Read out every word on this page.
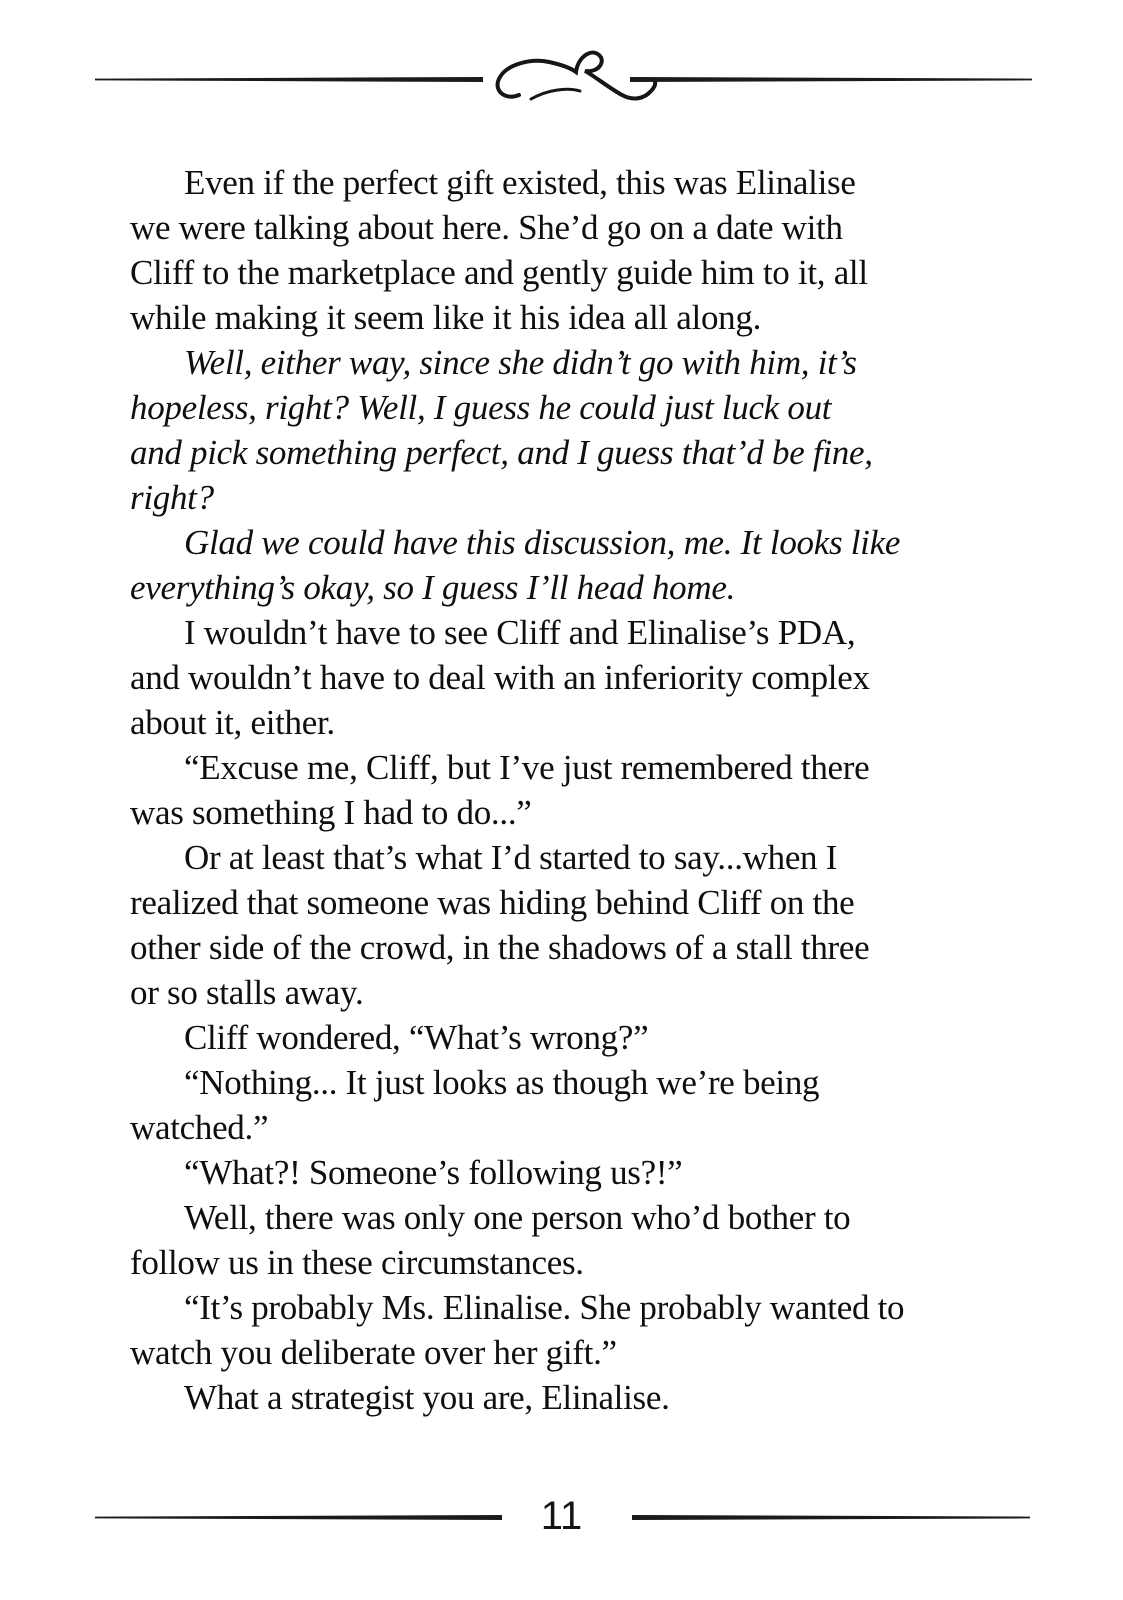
Even if the perfect gift existed, this was Elinalise
we were talking about here. She’d go on a date with
Cliff to the marketplace and gently guide him to it, all
while making it seem like it his idea all along.

Well, either way, since she didn’t go with him, it’s
hopeless, right? Well, I guess he could just luck out
and pick something perfect, and I guess that’d be fine,
right?

Glad we could have this discussion, me. It looks like
everything’s okay, so I guess I’ll head home.

I wouldn’t have to see Cliff and Elinalise’s PDA,
and wouldn’t have to deal with an inferiority complex
about it, either.

“Excuse me, Cliff, but I’ve just remembered there
was something I had to do...”

Or at least that’s what I’d started to say...when I
realized that someone was hiding behind Cliff on the
other side of the crowd, in the shadows of a stall three
or so stalls away.

Cliff wondered, “What’s wrong?”

“Nothing... It just looks as though we’re being
watched.”

“What?! Someone’s following us?!”

Well, there was only one person who’d bother to
follow us in these circumstances.

“It’s probably Ms. Elinalise. She probably wanted to
watch you deliberate over her gift.”

What a strategist you are, Elinalise.

11
